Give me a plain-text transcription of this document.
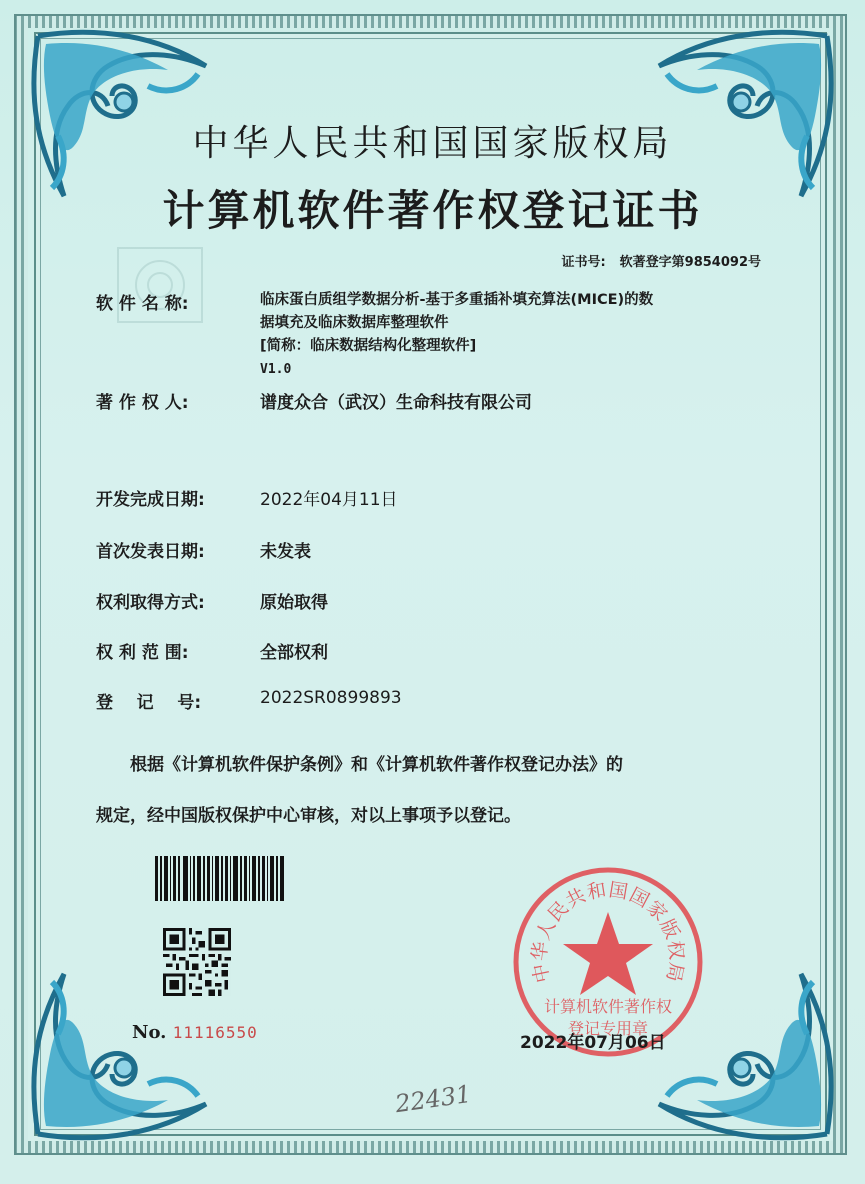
中华人民共和国国家版权局
计算机软件著作权登记证书
证书号: 软著登字第9854092号
软 件 名 称:	临床蛋白质组学数据分析-基于多重插补填充算法(MICE)的数
据填充及临床数据库整理软件
[简称：临床数据结构化整理软件]
V1.0
著 作 权 人:	谱度众合（武汉）生命科技有限公司
开发完成日期:	2022年04月11日
首次发表日期:	未发表
权利取得方式:	原始取得
权 利 范 围:	全部权利
登    记    号:	2022SR0899893
根据《计算机软件保护条例》和《计算机软件著作权登记办法》的
规定，经中国版权保护中心审核，对以上事项予以登记。
No. 11116550
中华人民共和国国家版权局
计算机软件著作权
登记专用章
2022年07月06日
22431
